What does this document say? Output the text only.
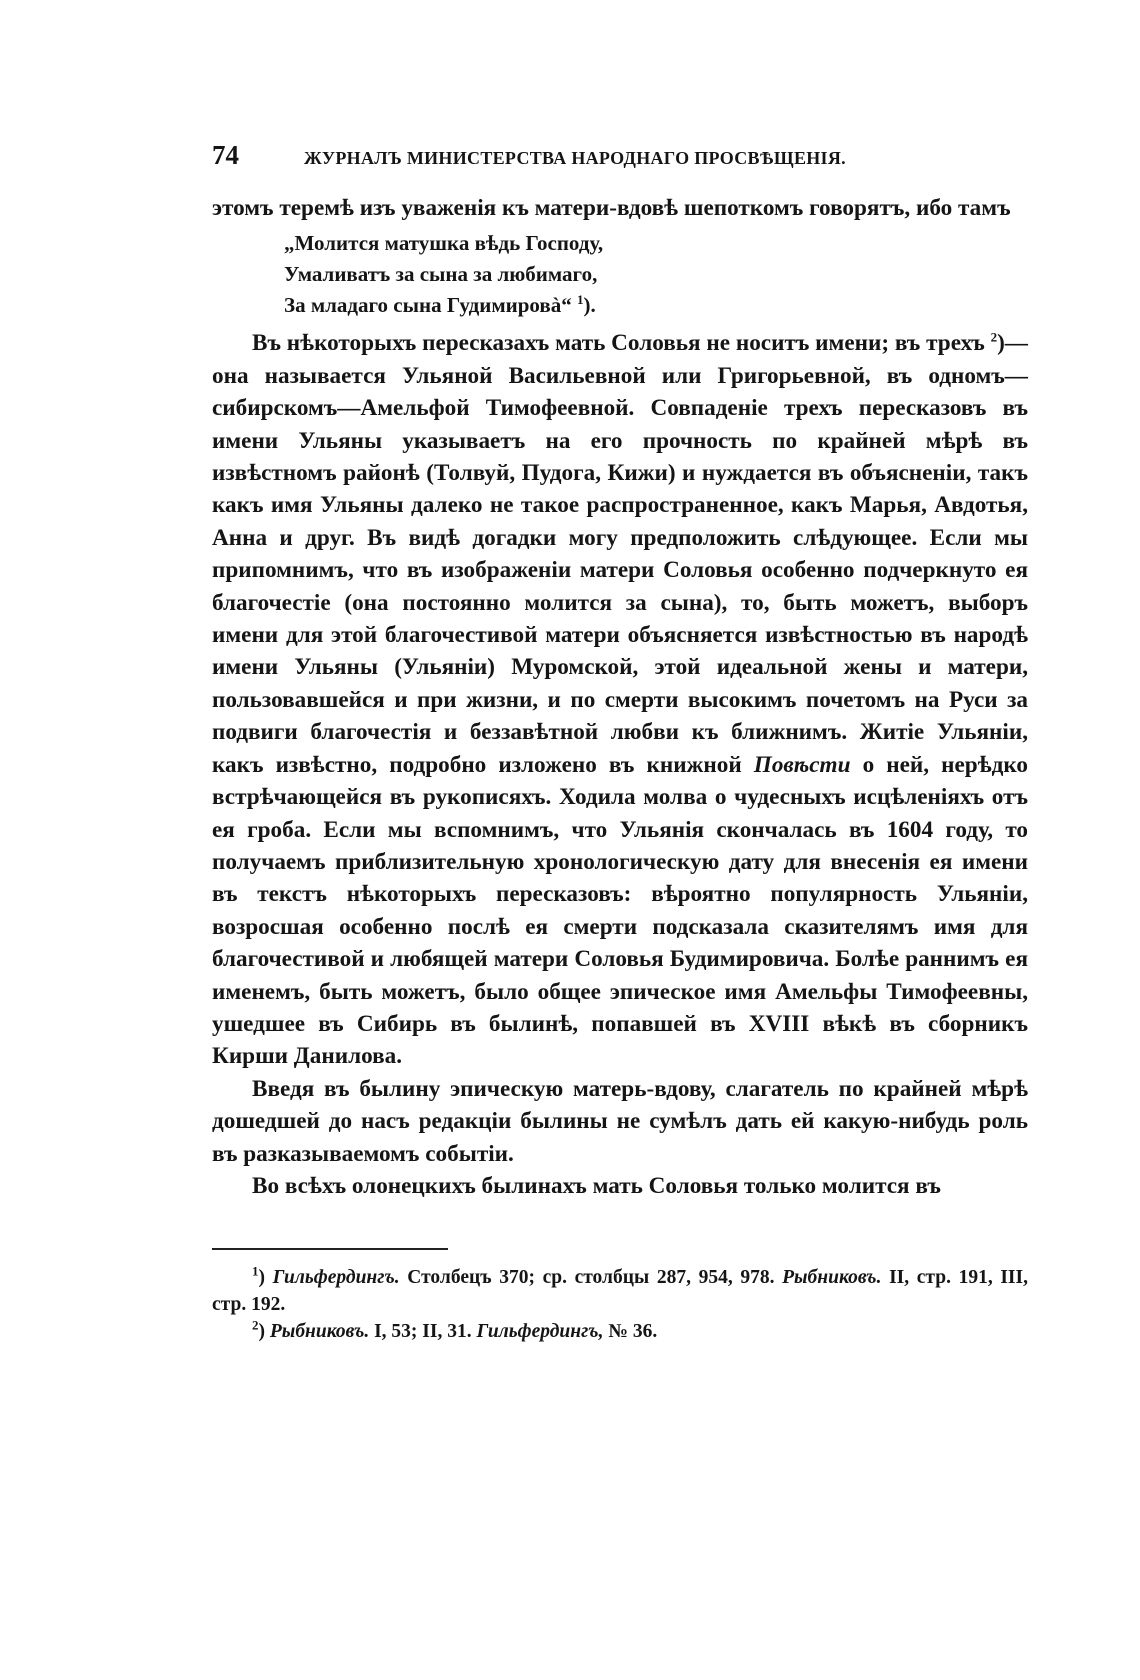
74	ЖУРНАЛЪ МИНИСТЕРСТВА НАРОДНАГО ПРОСВѢЩЕНІЯ.

этомъ теремѣ изъ уваженія къ матери-вдовѣ шепоткомъ говорятъ, ибо тамъ

„Молится матушка вѣдь Господу,
Умаливатъ за сына за любимаго,
За младаго сына Гудимировà“ $^1$).

Въ нѣкоторыхъ пересказахъ мать Соловья не носитъ имени; въ трехъ $^2$)—она называется Ульяной Васильевной или Григорьевной, въ одномъ—сибирскомъ—Амельфой Тимофеевной. Совпаденіе трехъ пересказовъ въ имени Ульяны указываетъ на его прочность по крайней мѣрѣ въ извѣстномъ районѣ (Толвуй, Пудога, Кижи) и нуждается въ объясненіи, такъ какъ имя Ульяны далеко не такое распространенное, какъ Марья, Авдотья, Анна и друг. Въ видѣ догадки могу предположить слѣдующее. Если мы припомнимъ, что въ изображеніи матери Соловья особенно подчеркнуто ея благочестіе (она постоянно молится за сына), то, быть можетъ, выборъ имени для этой благочестивой матери объясняется извѣстностью въ народѣ имени Ульяны (Ульяніи) Муромской, этой идеальной жены и матери, пользовавшейся и при жизни, и по смерти высокимъ почетомъ на Руси за подвиги благочестія и беззавѣтной любви къ ближнимъ. Житіе Ульяніи, какъ извѣстно, подробно изложено въ книжной Повѣсти о ней, нерѣдко встрѣчающейся въ рукописяхъ. Ходила молва о чудесныхъ исцѣленіяхъ отъ ея гроба. Если мы вспомнимъ, что Ульянія скончалась въ 1604 году, то получаемъ приблизительную хронологическую дату для внесенія ея имени въ текстъ нѣкоторыхъ пересказовъ: вѣроятно популярность Ульяніи, возросшая особенно послѣ ея смерти подсказала сказителямъ имя для благочестивой и любящей матери Соловья Будимировича. Болѣе раннимъ ея именемъ, быть можетъ, было общее эпическое имя Амельфы Тимофеевны, ушедшее въ Сибирь въ былинѣ, попавшей въ XVIII вѣкѣ въ сборникъ Кирши Данилова.

Введя въ былину эпическую матерь-вдову, слагатель по крайней мѣрѣ дошедшей до насъ редакціи былины не сумѣлъ дать ей какую-нибудь роль въ разказываемомъ событіи.

Во всѣхъ олонецкихъ былинахъ мать Соловья только молится въ

$^1$) Гильфердингъ. Столбецъ 370; ср. столбцы 287, 954, 978. Рыбниковъ. II, стр. 191, III, стр. 192.

$^2$) Рыбниковъ. I, 53; II, 31. Гильфердингъ, № 36.
